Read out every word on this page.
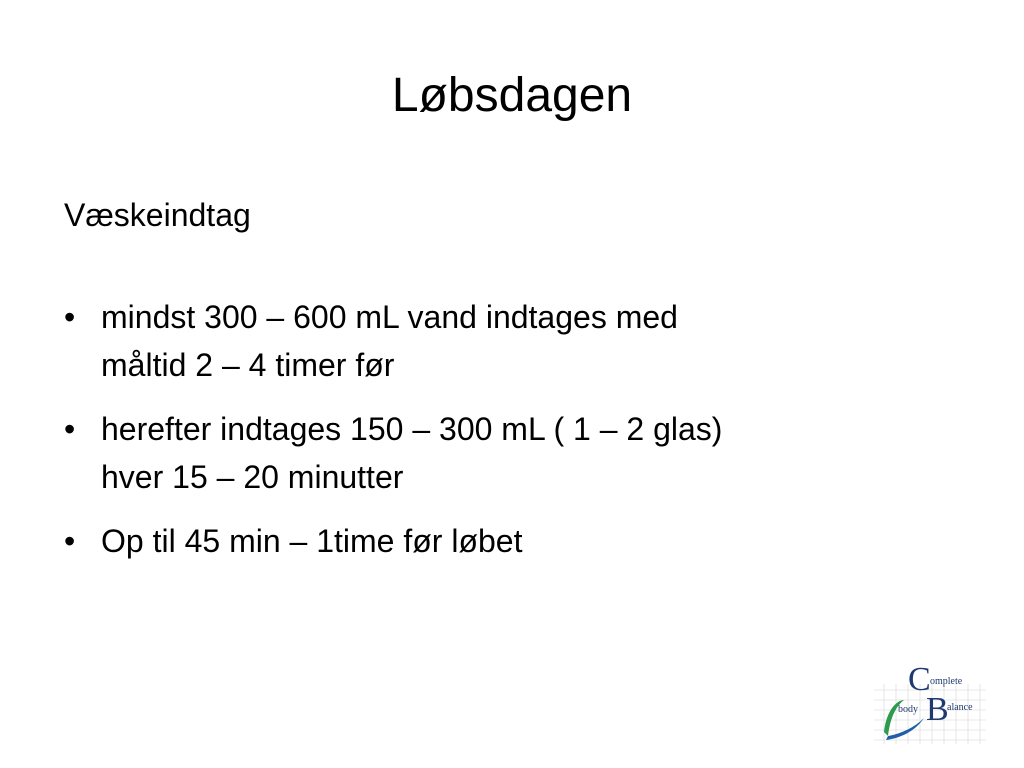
Løbsdagen
Væskeindtag
• mindst 300 – 600 mL vand indtages med
måltid 2 – 4 timer før
• herefter indtages 150 – 300 mL ( 1 – 2 glas)
hver 15 – 20 minutter
• Op til 45 min – 1time før løbet
C omplete
body B
alance
